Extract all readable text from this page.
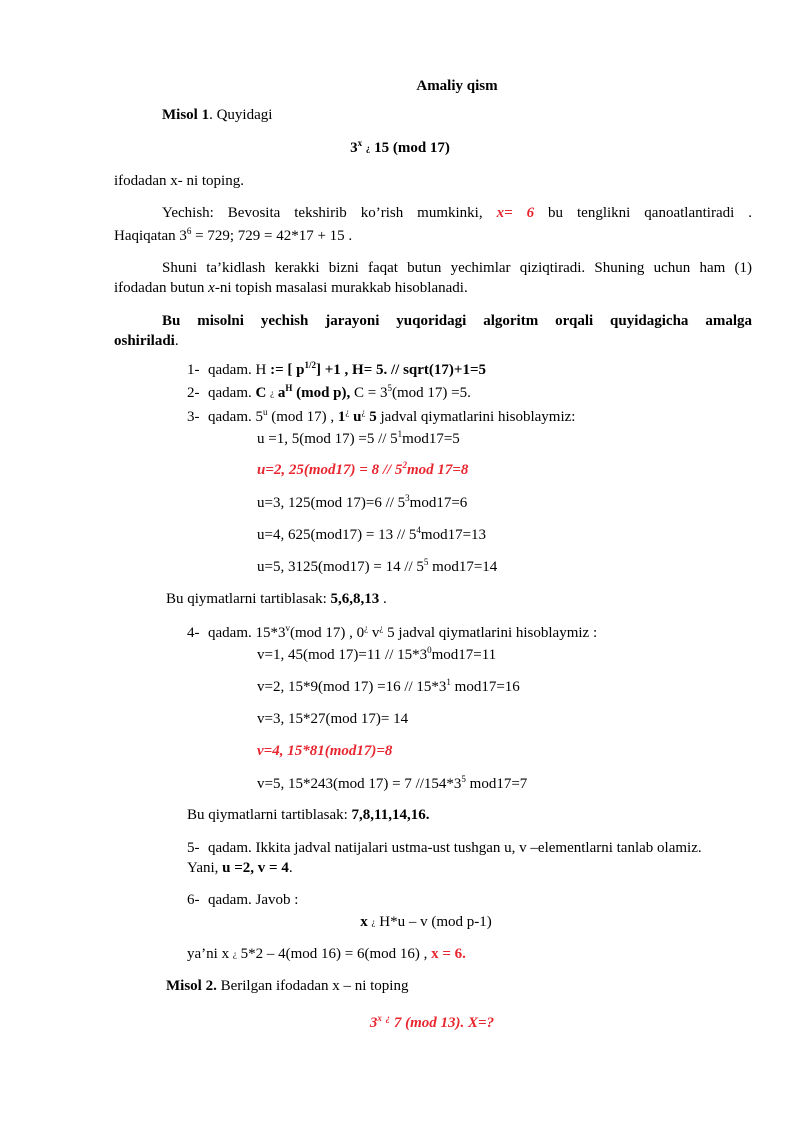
Amaliy qism
Misol 1. Quyidagi
3$^x$ ¿ 15 (mod 17)
ifodadan x- ni toping.
Yechish: Bevosita tekshirib ko’rish mumkinki, x= 6 bu tenglikni qanoatlantiradi .
Haqiqatan $3^6 = 729$; 729 = 42*17 + 15 .
Shuni ta’kidlash kerakki bizni faqat butun yechimlar qiziqtiradi. Shuning uchun ham (1)
ifodadan butun x-ni topish masalasi murakkab hisoblanadi.
Bu misolni yechish jarayoni yuqoridagi algoritm orqali quyidagicha amalga
oshiriladi.
1- qadam. H := [ $p^{1/2}] +1$ , H= 5. // sqrt(17)+1=5
2- qadam. C ¿ $a^H$ (mod p), $C = 3^5(mod$ 17) =5.
3- qadam. 5$^u$ (mod 17) , 1¿ u¿ 5 jadval qiymatlarini hisoblaymiz:
u =1, 5(mod $17) =5 // 5^1mod17=5$
u=2, $25(mod17) = 8 // 5^2mod$ 17=8
u=3, 125(mod $17)=6 // 5^3mod17=6$
u=4, $625(mod17) = 13 // 5^4mod17=13$
u=5, $3125(mod17) = 14 // 5^5$ mod17=14
Bu qiymatlarni tartiblasak: 5,6,8,13 .
4- qadam. 15*3$^v$(mod 17) , 0¿ v¿ 5 jadval qiymatlarini hisoblaymiz :
v=1, 45(mod $17)=11 // 15*3^0mod17=11$
v=2, 15*9(mod $17) =16 // 15*3^1$ mod17=16
v=3, 15*27(mod 17)= 14
v=4, 15*81(mod17)=8
v=5, 15*243(mod 17) = 7 $//154*3^5$ mod17=7
Bu qiymatlarni tartiblasak: 7,8,11,14,16.
5- qadam. Ikkita jadval natijalari ustma-ust tushgan u, v –elementlarni tanlab olamiz.
Yani, u =2, v = 4.
6- qadam. Javob :
x ¿ H*u – v (mod p-1)
ya’ni x ¿ 5*2 – 4(mod 16) = 6(mod 16) , x = 6.
Misol 2. Berilgan ifodadan x – ni toping
3$^x$ ¿ 7 (mod 13). X=?
